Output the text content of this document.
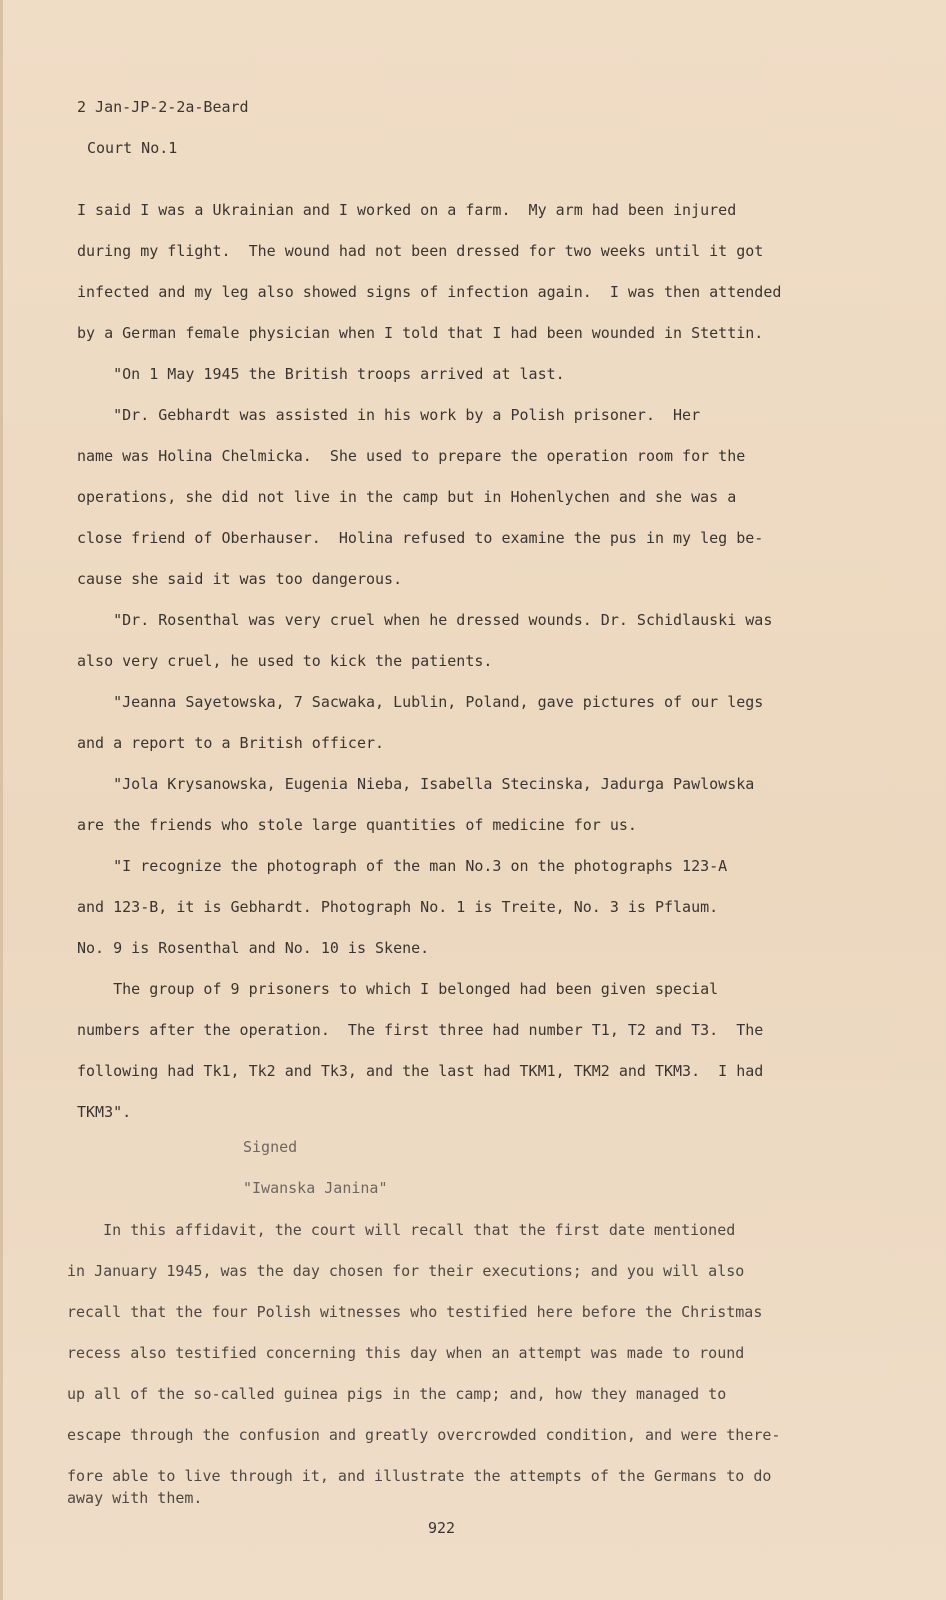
2 Jan-JP-2-2a-Beard
Court No.1
I said I was a Ukrainian and I worked on a farm.  My arm had been injured
during my flight.  The wound had not been dressed for two weeks until it got
infected and my leg also showed signs of infection again.  I was then attended
by a German female physician when I told that I had been wounded in Stettin.
"On 1 May 1945 the British troops arrived at last.
"Dr. Gebhardt was assisted in his work by a Polish prisoner.  Her
name was Holina Chelmicka.  She used to prepare the operation room for the
operations, she did not live in the camp but in Hohenlychen and she was a
close friend of Oberhauser.  Holina refused to examine the pus in my leg be-
cause she said it was too dangerous.
"Dr. Rosenthal was very cruel when he dressed wounds. Dr. Schidlauski was
also very cruel, he used to kick the patients.
"Jeanna Sayetowska, 7 Sacwaka, Lublin, Poland, gave pictures of our legs
and a report to a British officer.
"Jola Krysanowska, Eugenia Nieba, Isabella Stecinska, Jadurga Pawlowska
are the friends who stole large quantities of medicine for us.
"I recognize the photograph of the man No.3 on the photographs 123-A
and 123-B, it is Gebhardt. Photograph No. 1 is Treite, No. 3 is Pflaum.
No. 9 is Rosenthal and No. 10 is Skene.
The group of 9 prisoners to which I belonged had been given special
numbers after the operation.  The first three had number T1, T2 and T3.  The
following had Tk1, Tk2 and Tk3, and the last had TKM1, TKM2 and TKM3.  I had
TKM3".
Signed
"Iwanska Janina"
In this affidavit, the court will recall that the first date mentioned
in January 1945, was the day chosen for their executions; and you will also
recall that the four Polish witnesses who testified here before the Christmas
recess also testified concerning this day when an attempt was made to round
up all of the so-called guinea pigs in the camp; and, how they managed to
escape through the confusion and greatly overcrowded condition, and were there-
fore able to live through it, and illustrate the attempts of the Germans to do
away with them.
922
